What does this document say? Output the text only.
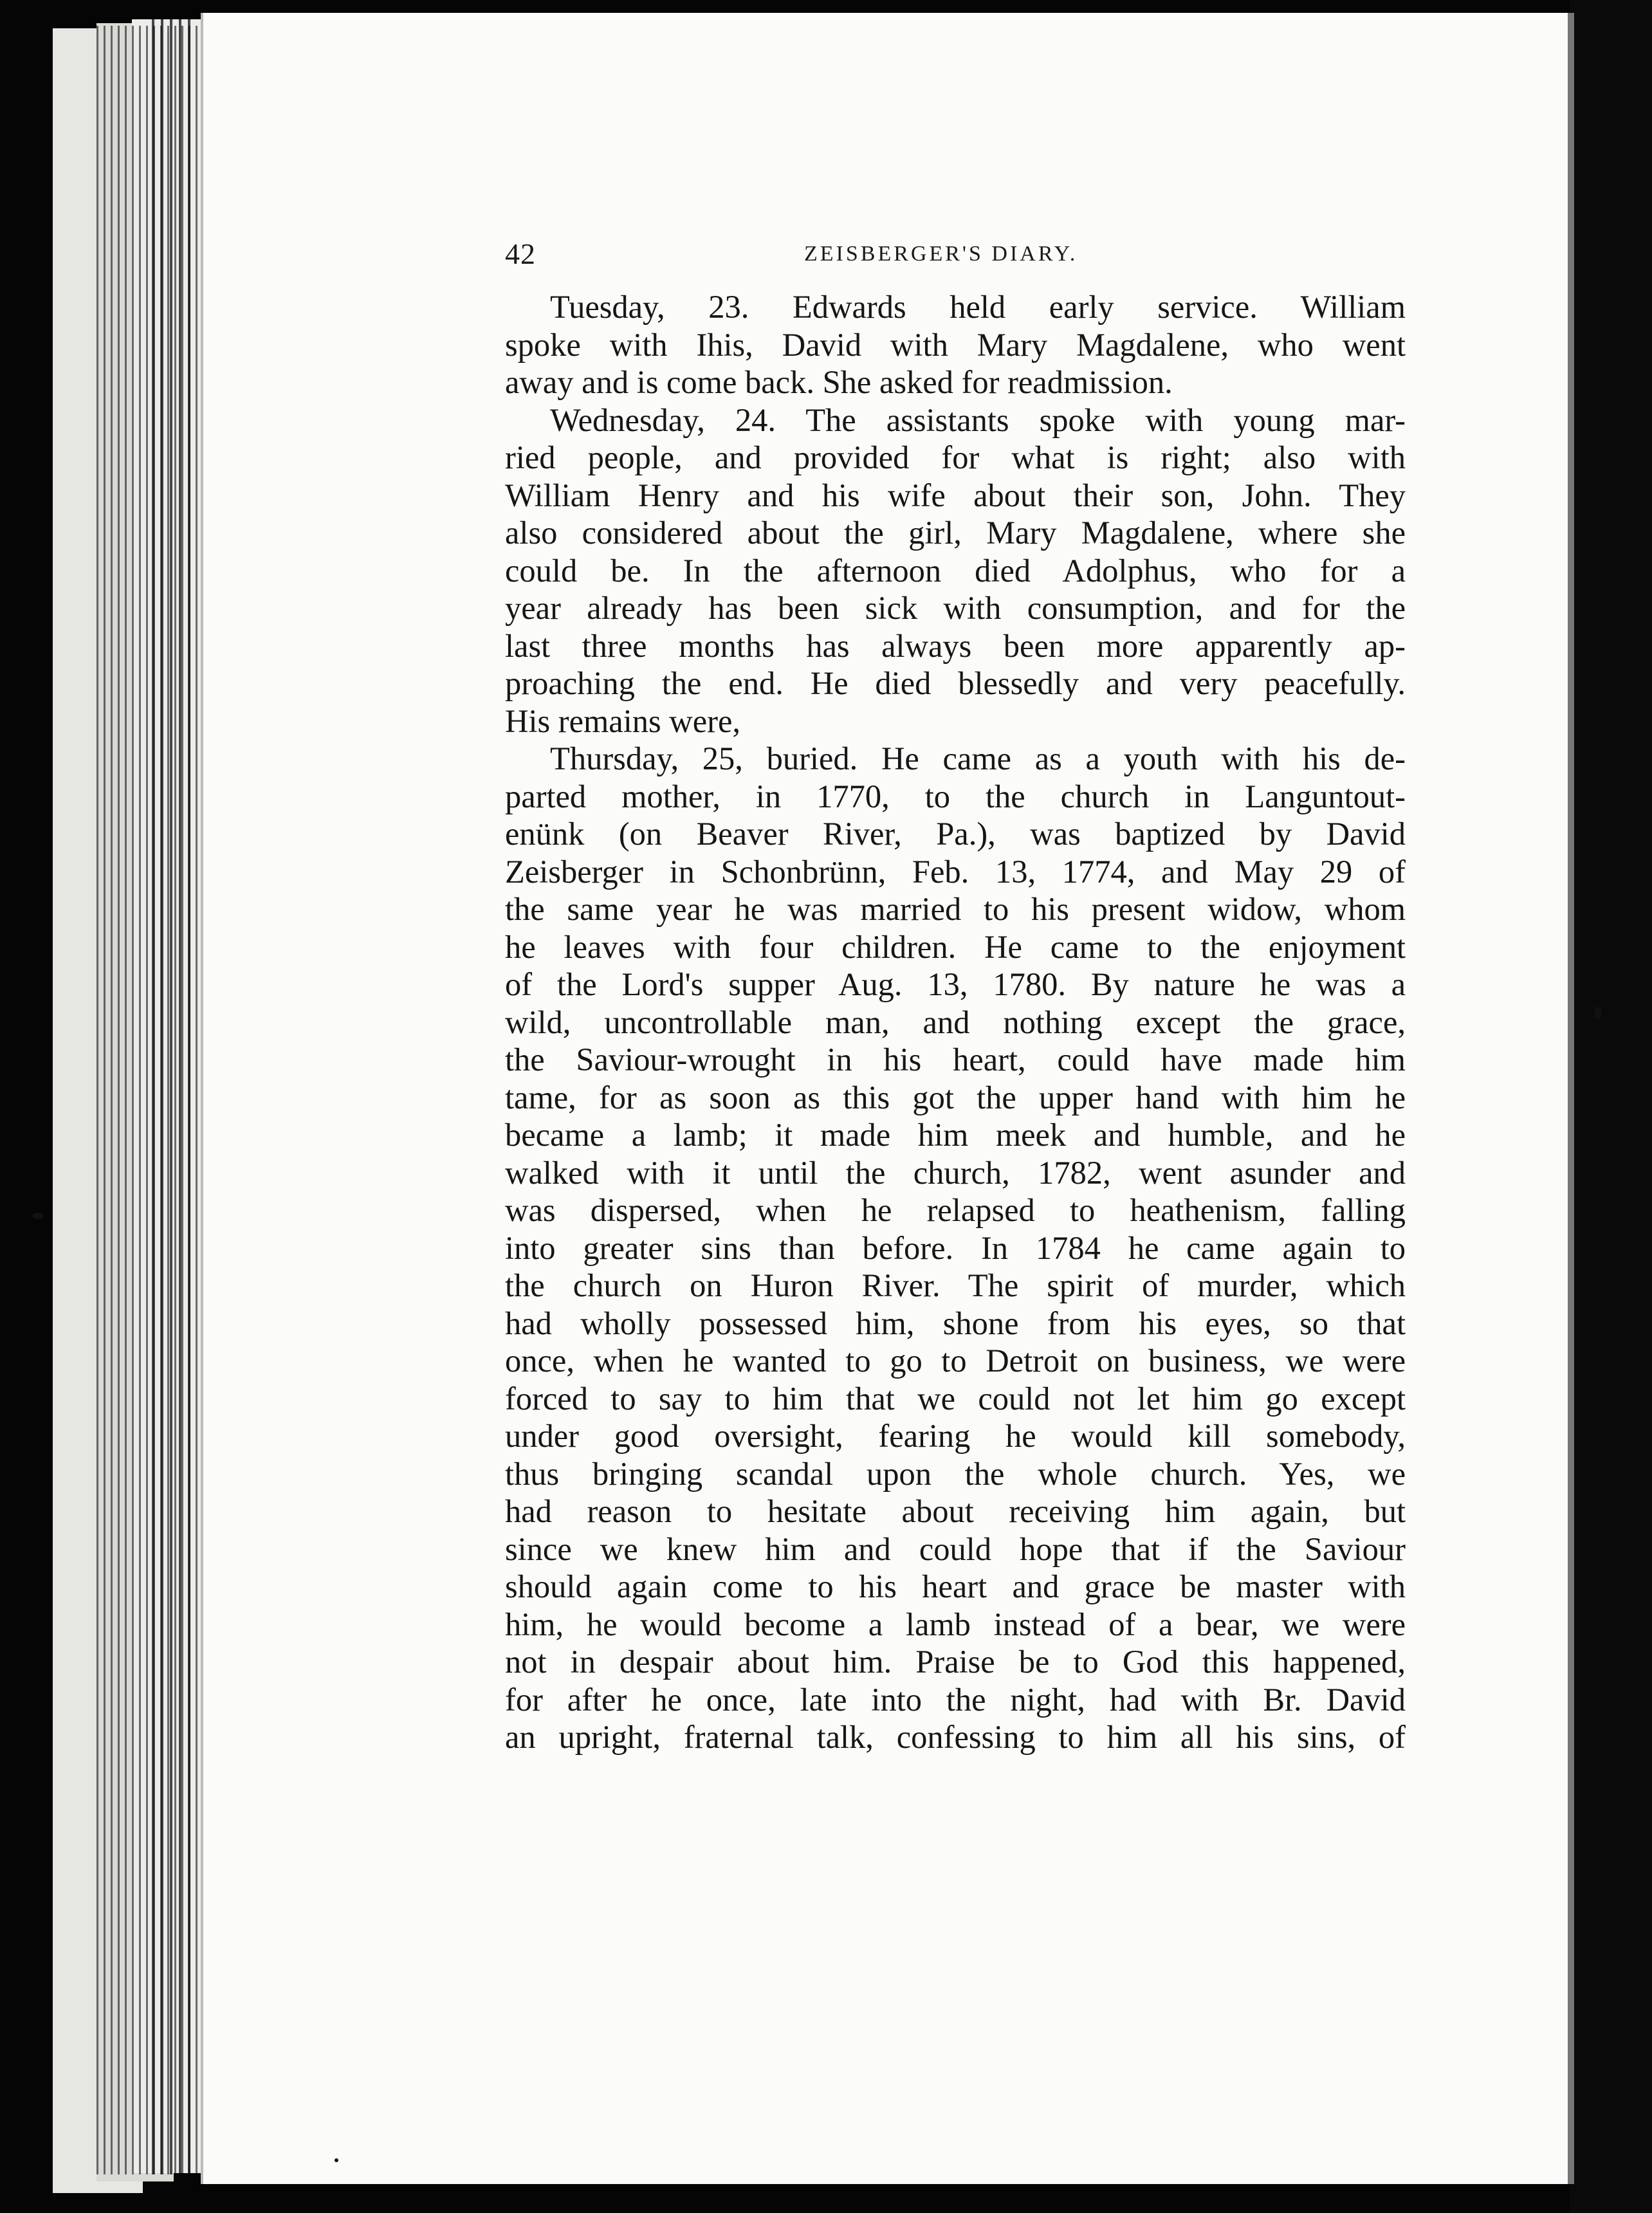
42	ZEISBERGER'S DIARY.
Tuesday, 23. Edwards held early service. William
spoke with Ihis, David with Mary Magdalene, who went
away and is come back. She asked for readmission.
Wednesday, 24. The assistants spoke with young mar-
ried people, and provided for what is right; also with
William Henry and his wife about their son, John. They
also considered about the girl, Mary Magdalene, where she
could be. In the afternoon died Adolphus, who for a
year already has been sick with consumption, and for the
last three months has always been more apparently ap-
proaching the end. He died blessedly and very peacefully.
His remains were,
Thursday, 25, buried. He came as a youth with his de-
parted mother, in 1770, to the church in Languntout-
enünk (on Beaver River, Pa.), was baptized by David
Zeisberger in Schonbrünn, Feb. 13, 1774, and May 29 of
the same year he was married to his present widow, whom
he leaves with four children. He came to the enjoyment
of the Lord's supper Aug. 13, 1780. By nature he was a
wild, uncontrollable man, and nothing except the grace,
the Saviour-wrought in his heart, could have made him
tame, for as soon as this got the upper hand with him he
became a lamb; it made him meek and humble, and he
walked with it until the church, 1782, went asunder and
was dispersed, when he relapsed to heathenism, falling
into greater sins than before. In 1784 he came again to
the church on Huron River. The spirit of murder, which
had wholly possessed him, shone from his eyes, so that
once, when he wanted to go to Detroit on business, we were
forced to say to him that we could not let him go except
under good oversight, fearing he would kill somebody,
thus bringing scandal upon the whole church. Yes, we
had reason to hesitate about receiving him again, but
since we knew him and could hope that if the Saviour
should again come to his heart and grace be master with
him, he would become a lamb instead of a bear, we were
not in despair about him. Praise be to God this happened,
for after he once, late into the night, had with Br. David
an upright, fraternal talk, confessing to him all his sins, of
